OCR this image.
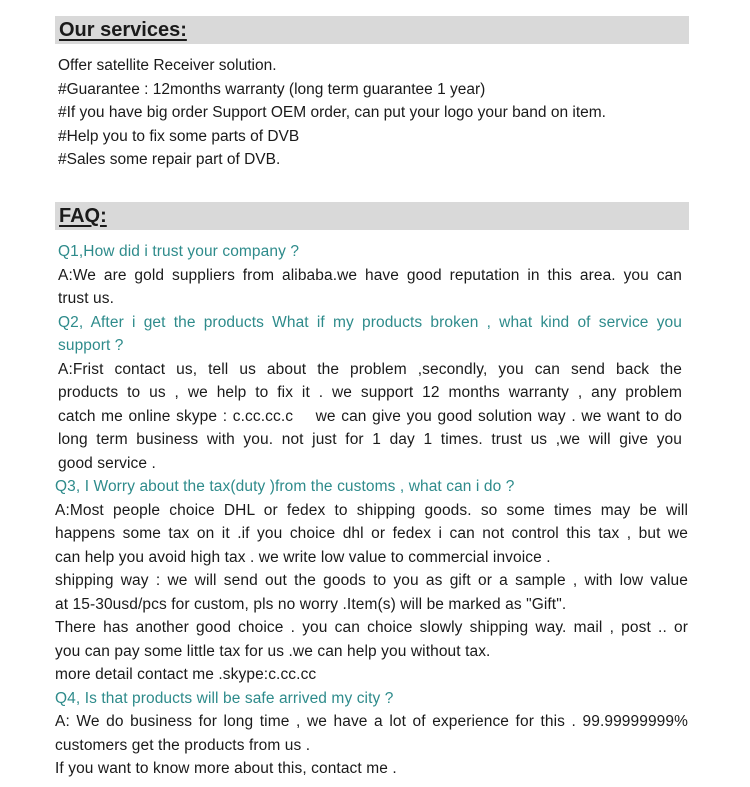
Our services:
Offer satellite Receiver solution.
#Guarantee : 12months warranty (long term guarantee 1 year)
#If you have big order Support OEM order, can put your logo your band on item.
#Help you to fix some parts of DVB
#Sales some repair part of DVB.
FAQ:
Q1,How did i trust your company ?
A:We are gold suppliers from alibaba.we have good reputation in this area. you can
trust us.
Q2, After i get the products What if my products broken , what kind of service you
support ?
A:Frist contact us, tell us about the problem ,secondly, you can send back the
products to us , we help to fix it . we support 12 months warranty , any problem
catch me online skype : c.cc.cc.c    we can give you good solution way . we want to do
long term business with you. not just for 1 day 1 times. trust us ,we will give you
good service .
Q3, I Worry about the tax(duty )from the customs , what can i do ?
A:Most people choice DHL or fedex to shipping goods. so some times may be will
happens some tax on it .if you choice dhl or fedex i can not control this tax , but we
can help you avoid high tax . we write low value to commercial invoice .
shipping way : we will send out the goods to you as gift or a sample , with low value
at 15-30usd/pcs for custom, pls no worry .Item(s) will be marked as "Gift".
There has another good choice . you can choice slowly shipping way. mail , post .. or
you can pay some little tax for us .we can help you without tax.
more detail contact me .skype:c.cc.cc
Q4, Is that products will be safe arrived my city ?
A: We do business for long time , we have a lot of experience for this . 99.99999999%
customers get the products from us .
If you want to know more about this, contact me .
